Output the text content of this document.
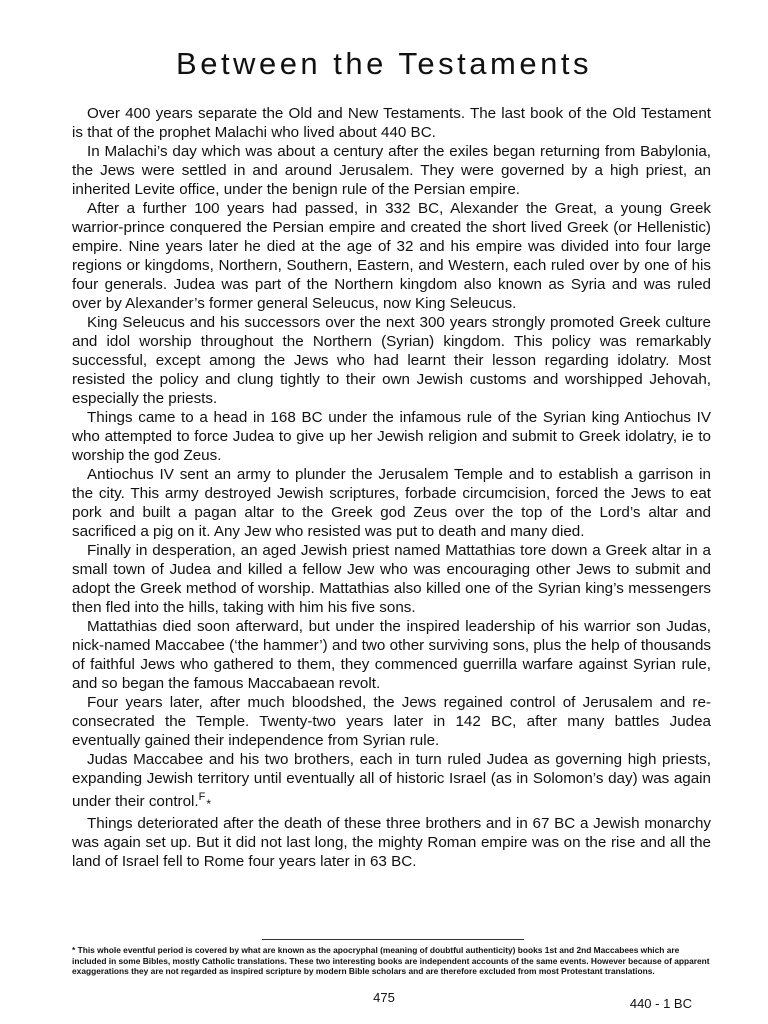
Between the Testaments

Over 400 years separate the Old and New Testaments. The last book of the Old Testament is that of the prophet Malachi who lived about 440 BC.

In Malachi’s day which was about a century after the exiles began returning from Babylonia, the Jews were settled in and around Jerusalem. They were governed by a high priest, an inherited Levite office, under the benign rule of the Persian empire.

After a further 100 years had passed, in 332 BC, Alexander the Great, a young Greek warrior-prince conquered the Persian empire and created the short lived Greek (or Hellenistic) empire. Nine years later he died at the age of 32 and his empire was divided into four large regions or kingdoms, Northern, Southern, Eastern, and Western, each ruled over by one of his four generals. Judea was part of the Northern kingdom also known as Syria and was ruled over by Alexander’s former general Seleucus, now King Seleucus.

King Seleucus and his successors over the next 300 years strongly promoted Greek culture and idol worship throughout the Northern (Syrian) kingdom. This policy was remarkably successful, except among the Jews who had learnt their lesson regarding idolatry. Most resisted the policy and clung tightly to their own Jewish customs and worshipped Jehovah, especially the priests.

Things came to a head in 168 BC under the infamous rule of the Syrian king Antiochus IV who attempted to force Judea to give up her Jewish religion and submit to Greek idolatry, ie to worship the god Zeus.

Antiochus IV sent an army to plunder the Jerusalem Temple and to establish a garrison in the city. This army destroyed Jewish scriptures, forbade circumcision, forced the Jews to eat pork and built a pagan altar to the Greek god Zeus over the top of the Lord’s altar and sacrificed a pig on it. Any Jew who resisted was put to death and many died.

Finally in desperation, an aged Jewish priest named Mattathias tore down a Greek altar in a small town of Judea and killed a fellow Jew who was encouraging other Jews to submit and adopt the Greek method of worship. Mattathias also killed one of the Syrian king’s messengers then fled into the hills, taking with him his five sons.

Mattathias died soon afterward, but under the inspired leadership of his warrior son Judas, nick-named Maccabee (‘the hammer’) and two other surviving sons, plus the help of thousands of faithful Jews who gathered to them, they commenced guerrilla warfare against Syrian rule, and so began the famous Maccabaean revolt.

Four years later, after much bloodshed, the Jews regained control of Jerusalem and re-consecrated the Temple. Twenty-two years later in 142 BC, after many battles Judea eventually gained their independence from Syrian rule.

Judas Maccabee and his two brothers, each in turn ruled Judea as governing high priests, expanding Jewish territory until eventually all of historic Israel (as in Solomon’s day) was again under their control.$^F$*

Things deteriorated after the death of these three brothers and in 67 BC a Jewish monarchy was again set up. But it did not last long, the mighty Roman empire was on the rise and all the land of Israel fell to Rome four years later in 63 BC.

* This whole eventful period is covered by what are known as the apocryphal (meaning of doubtful authenticity) books 1st and 2nd Maccabees which are included in some Bibles, mostly Catholic translations. These two interesting books are independent accounts of the same events. However because of apparent exaggerations they are not regarded as inspired scripture by modern Bible scholars and are therefore excluded from most Protestant translations.

475	440 - 1 BC
